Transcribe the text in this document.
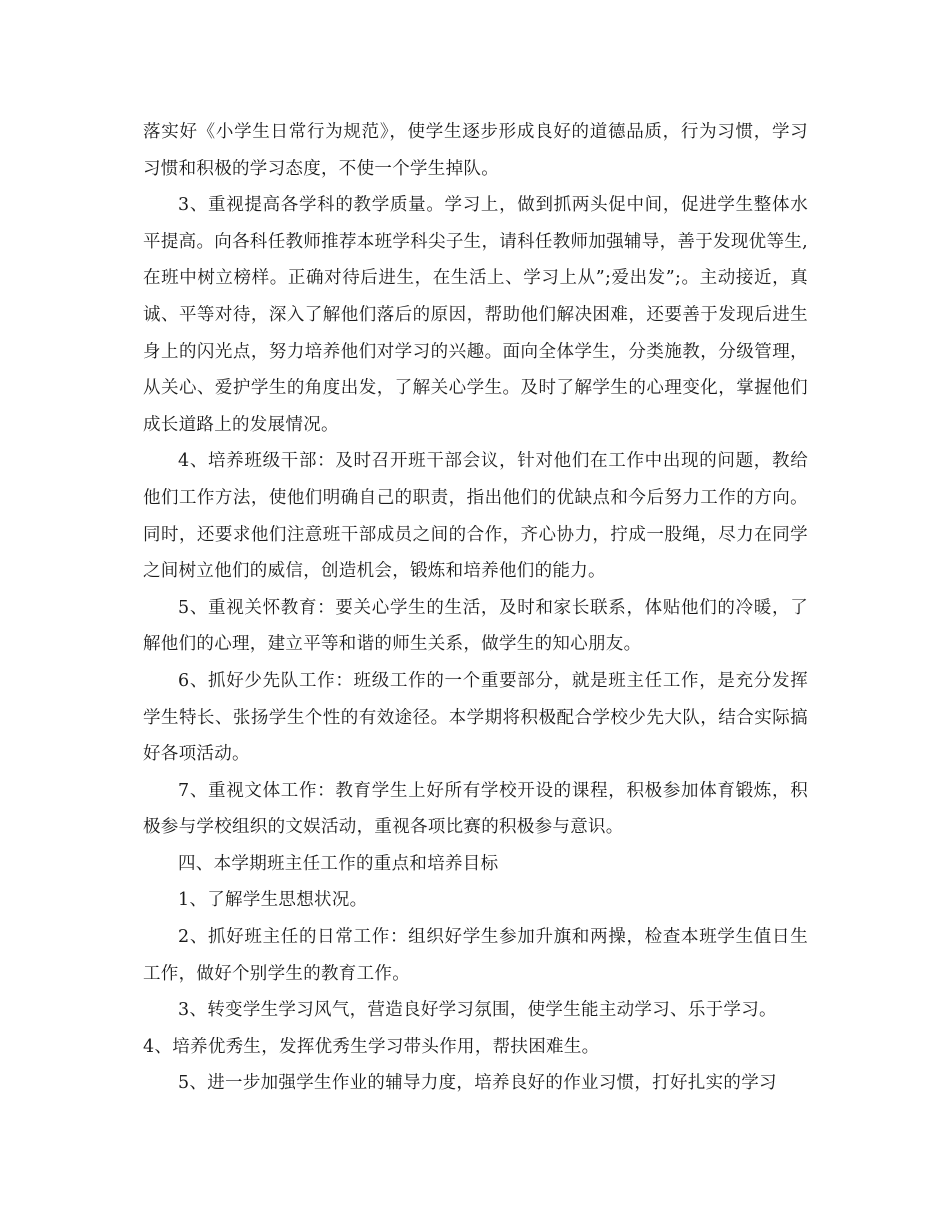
落实好《小学生日常行为规范》，使学生逐步形成良好的道德品质，行为习惯，学习习惯和积极的学习态度，不使一个学生掉队。

3、重视提高各学科的教学质量。学习上，做到抓两头促中间，促进学生整体水平提高。向各科任教师推荐本班学科尖子生，请科任教师加强辅导，善于发现优等生,在班中树立榜样。正确对待后进生，在生活上、学习上从”;爱出发”;。主动接近，真诚、平等对待，深入了解他们落后的原因，帮助他们解决困难，还要善于发现后进生身上的闪光点，努力培养他们对学习的兴趣。面向全体学生，分类施教，分级管理，从关心、爱护学生的角度出发，了解关心学生。及时了解学生的心理变化，掌握他们成长道路上的发展情况。

4、培养班级干部：及时召开班干部会议，针对他们在工作中出现的问题，教给他们工作方法，使他们明确自己的职责，指出他们的优缺点和今后努力工作的方向。同时，还要求他们注意班干部成员之间的合作，齐心协力，拧成一股绳，尽力在同学之间树立他们的威信，创造机会，锻炼和培养他们的能力。

5、重视关怀教育：要关心学生的生活，及时和家长联系，体贴他们的冷暖，了解他们的心理，建立平等和谐的师生关系，做学生的知心朋友。

6、抓好少先队工作：班级工作的一个重要部分，就是班主任工作，是充分发挥学生特长、张扬学生个性的有效途径。本学期将积极配合学校少先大队，结合实际搞好各项活动。

7、重视文体工作：教育学生上好所有学校开设的课程，积极参加体育锻炼，积极参与学校组织的文娱活动，重视各项比赛的积极参与意识。

四、本学期班主任工作的重点和培养目标

1、了解学生思想状况。

2、抓好班主任的日常工作：组织好学生参加升旗和两操，检查本班学生值日生工作，做好个别学生的教育工作。

3、转变学生学习风气，营造良好学习氛围，使学生能主动学习、乐于学习。

4、培养优秀生，发挥优秀生学习带头作用，帮扶困难生。

5、进一步加强学生作业的辅导力度，培养良好的作业习惯，打好扎实的学习
